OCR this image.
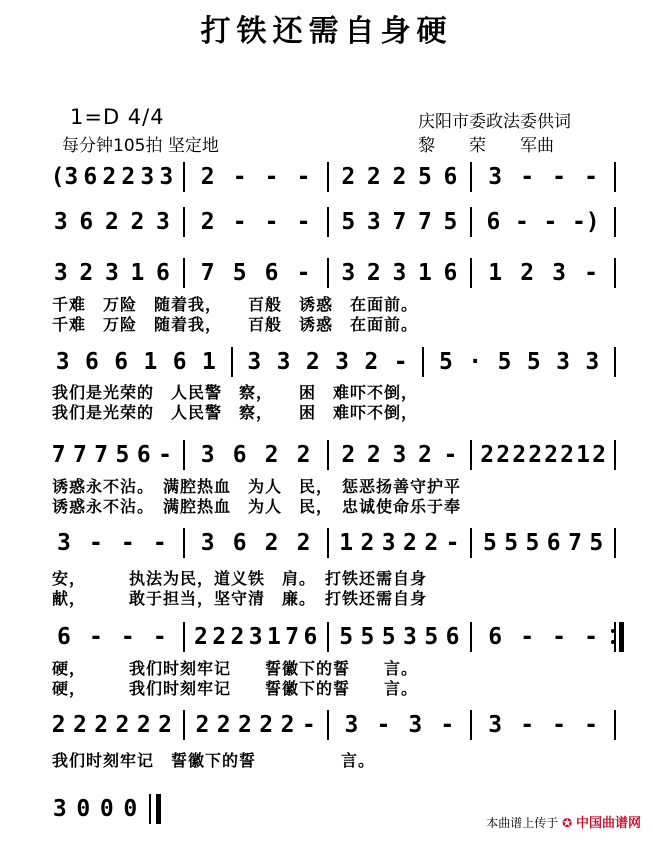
打铁还需自身硬
1=D 4/4
每分钟105拍 坚定地
庆阳市委政法委供词
黎　　荣　　军曲
(3 6 2 2 3 3 2 - - - 2 2 2 5 6 3 - - -
3 6 2 2 3 2 - - - 5 3 7 7 5 6 - - -)
3 2 3 1 6 7 5 6 - 3 2 3 1 6 1 2 3 -
千难　万险　随着我，　　百般　诱惑　在面前。
千难　万险　随着我，　　百般　诱惑　在面前。
3 6 6 1 6 1 3 3 2 3 2 - 5 · 5 5 3 3
我们是光荣的　人民警　察，　　困　难吓不倒，
我们是光荣的　人民警　察，　　困　难吓不倒，
7 7 7 5 6 - 3 6 2 2 2 2 3 2 - 2 2 2 2 2 2 1 2
诱惑永不沾。　满腔热血　为人　民，　惩恶扬善守护平
诱惑永不沾。　满腔热血　为人　民，　忠诚使命乐于奉
3 - - - 3 6 2 2 1 2 3 2 2 - 5 5 5 6 7 5
安，　　　执法为民，道义铁　肩。　打铁还需自身
献，　　　敢于担当，坚守清　廉。　打铁还需自身
6 - - - 2 2 2 3 1 7 6 5 5 5 3 5 6 6 - - -
硬，　　　我们时刻牢记　　誓徽下的誓　　言。
硬，　　　我们时刻牢记　　誓徽下的誓　　言。
2 2 2 2 2 2 2 2 2 2 2 - 3 - 3 - 3 - - -
我们时刻牢记　誓徽下的誓　　　　　言。
3 0 0 0
本曲谱上传于 ✪ 中国曲谱网
